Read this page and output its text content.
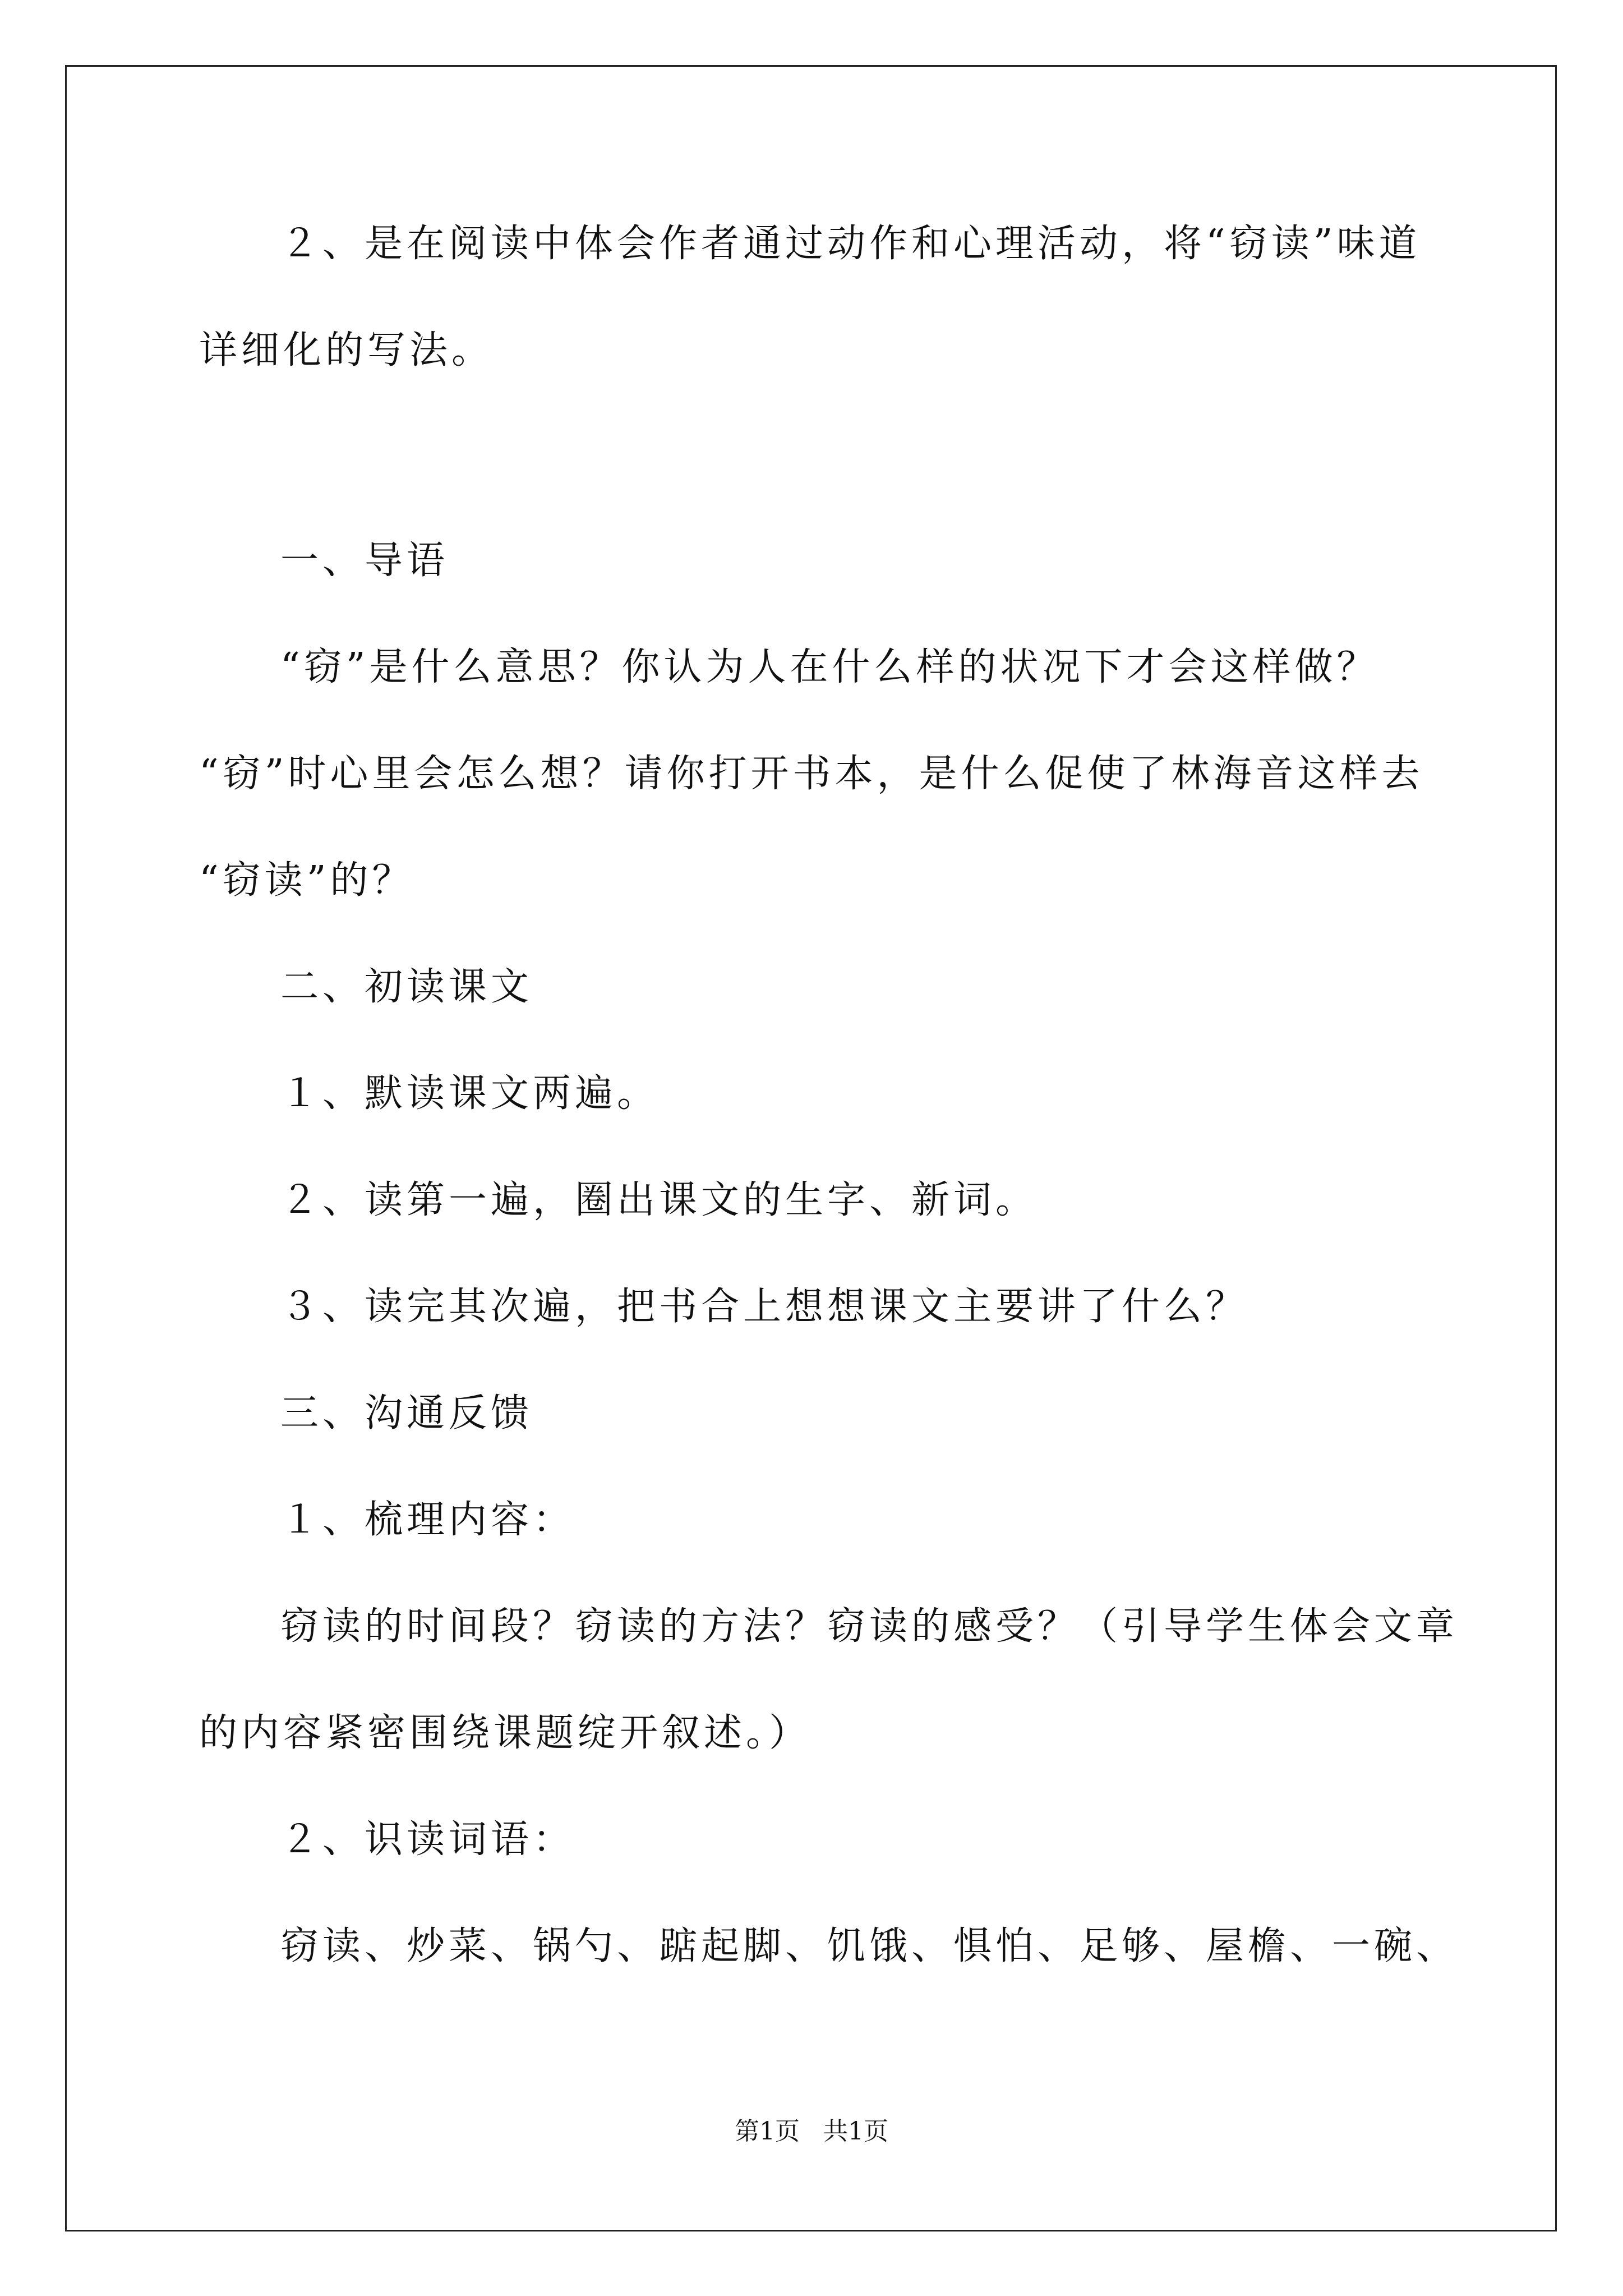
２、是在阅读中体会作者通过动作和心理活动，将“窃读”味道
详细化的写法。
一、导语
“窃”是什么意思？你认为人在什么样的状况下才会这样做？
“窃”时心里会怎么想？请你打开书本，是什么促使了林海音这样去
“窃读”的？
二、初读课文
１、默读课文两遍。
２、读第一遍，圈出课文的生字、新词。
３、读完其次遍，把书合上想想课文主要讲了什么？
三、沟通反馈
１、梳理内容：
窃读的时间段？窃读的方法？窃读的感受？（引导学生体会文章
的内容紧密围绕课题绽开叙述。）
２、识读词语：
窃读、炒菜、锅勺、踮起脚、饥饿、惧怕、足够、屋檐、一碗、
第1页   共1页
